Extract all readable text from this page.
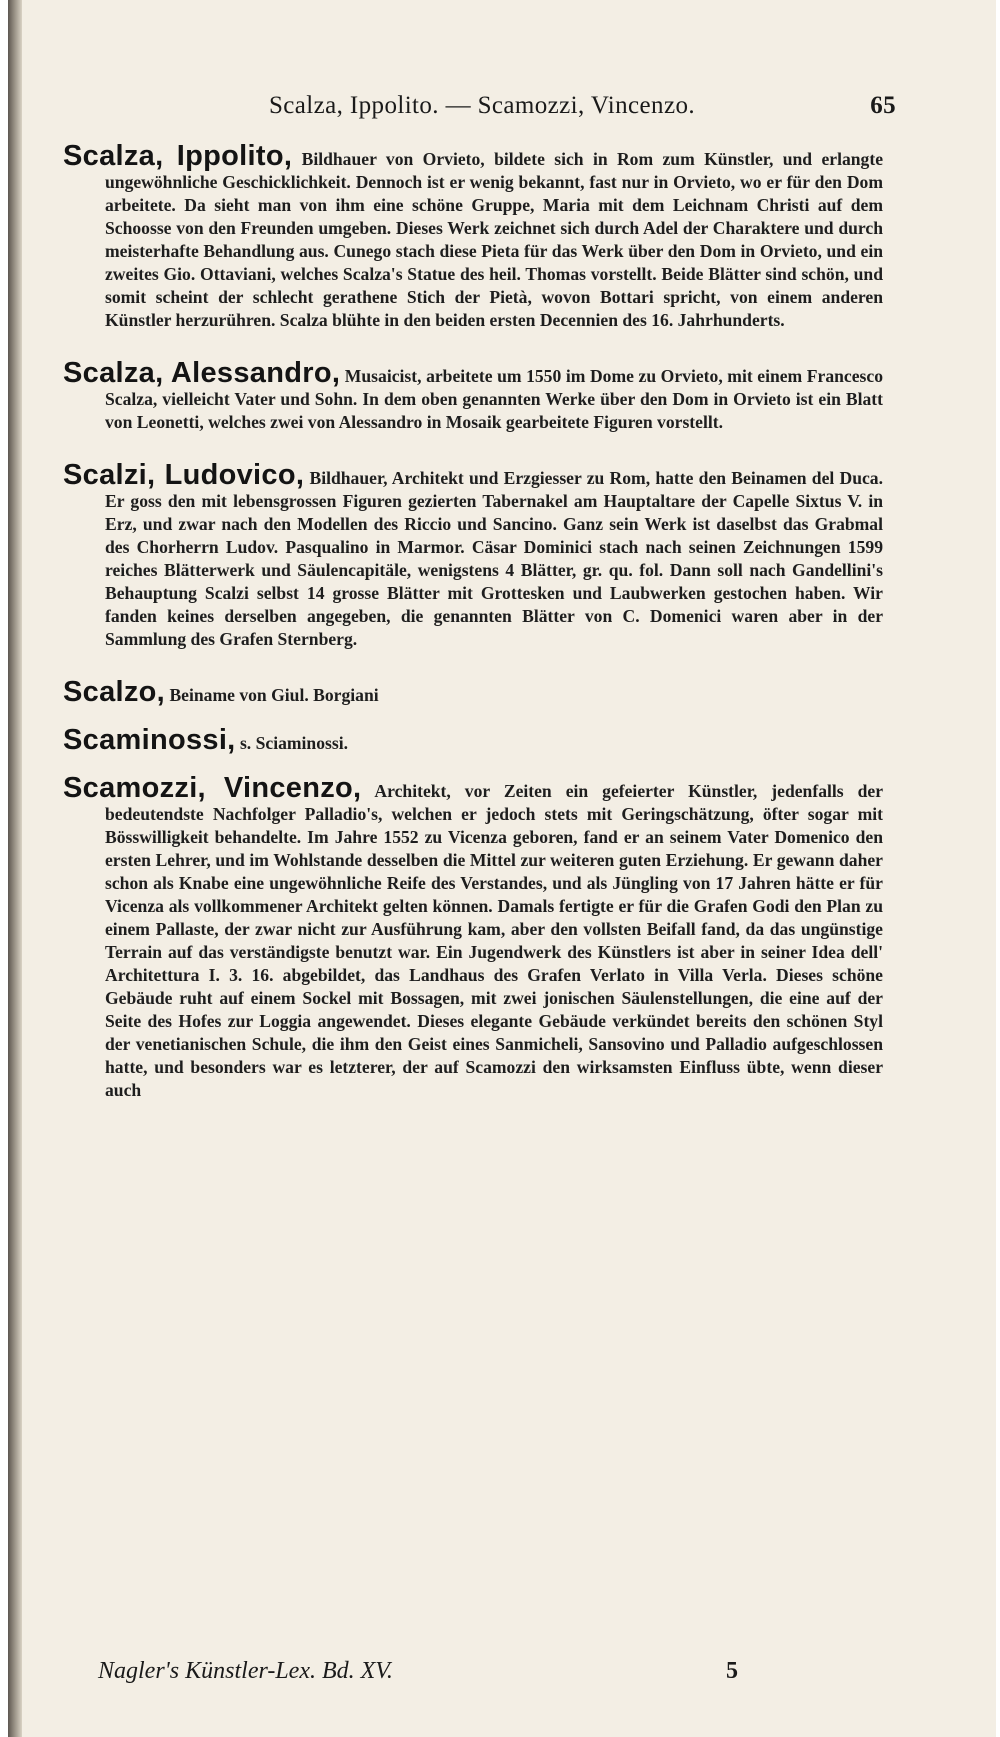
Scalza, Ippolito. — Scamozzi, Vincenzo.	65

Scalza, Ippolito, Bildhauer von Orvieto, bildete sich in Rom zum Künstler, und erlangte ungewöhnliche Geschicklichkeit. Dennoch ist er wenig bekannt, fast nur in Orvieto, wo er für den Dom arbeitete. Da sieht man von ihm eine schöne Gruppe, Maria mit dem Leichnam Christi auf dem Schoosse von den Freunden umgeben. Dieses Werk zeichnet sich durch Adel der Charaktere und durch meisterhafte Behandlung aus. Cunego stach diese Pieta für das Werk über den Dom in Orvieto, und ein zweites Gio. Ottaviani, welches Scalza's Statue des heil. Thomas vorstellt. Beide Blätter sind schön, und somit scheint der schlecht gerathene Stich der Pietà, wovon Bottari spricht, von einem anderen Künstler herzurühren. Scalza blühte in den beiden ersten Decennien des 16. Jahrhunderts.

Scalza, Alessandro, Musaicist, arbeitete um 1550 im Dome zu Orvieto, mit einem Francesco Scalza, vielleicht Vater und Sohn. In dem oben genannten Werke über den Dom in Orvieto ist ein Blatt von Leonetti, welches zwei von Alessandro in Mosaik gearbeitete Figuren vorstellt.

Scalzi, Ludovico, Bildhauer, Architekt und Erzgiesser zu Rom, hatte den Beinamen del Duca. Er goss den mit lebensgrossen Figuren gezierten Tabernakel am Hauptaltare der Capelle Sixtus V. in Erz, und zwar nach den Modellen des Riccio und Sancino. Ganz sein Werk ist daselbst das Grabmal des Chorherrn Ludov. Pasqualino in Marmor. Cäsar Dominici stach nach seinen Zeichnungen 1599 reiches Blätterwerk und Säulencapitäle, wenigstens 4 Blätter, gr. qu. fol. Dann soll nach Gandellini's Behauptung Scalzi selbst 14 grosse Blätter mit Grottesken und Laubwerken gestochen haben. Wir fanden keines derselben angegeben, die genannten Blätter von C. Domenici waren aber in der Sammlung des Grafen Sternberg.

Scalzo, Beiname von Giul. Borgiani

Scaminossi, s. Sciaminossi.

Scamozzi, Vincenzo, Architekt, vor Zeiten ein gefeierter Künstler, jedenfalls der bedeutendste Nachfolger Palladio's, welchen er jedoch stets mit Geringschätzung, öfter sogar mit Bösswilligkeit behandelte. Im Jahre 1552 zu Vicenza geboren, fand er an seinem Vater Domenico den ersten Lehrer, und im Wohlstande desselben die Mittel zur weiteren guten Erziehung. Er gewann daher schon als Knabe eine ungewöhnliche Reife des Verstandes, und als Jüngling von 17 Jahren hätte er für Vicenza als vollkommener Architekt gelten können. Damals fertigte er für die Grafen Godi den Plan zu einem Pallaste, der zwar nicht zur Ausführung kam, aber den vollsten Beifall fand, da das ungünstige Terrain auf das verständigste benutzt war. Ein Jugendwerk des Künstlers ist aber in seiner Idea dell' Architettura I. 3. 16. abgebildet, das Landhaus des Grafen Verlato in Villa Verla. Dieses schöne Gebäude ruht auf einem Sockel mit Bossagen, mit zwei jonischen Säulenstellungen, die eine auf der Seite des Hofes zur Loggia angewendet. Dieses elegante Gebäude verkündet bereits den schönen Styl der venetianischen Schule, die ihm den Geist eines Sanmicheli, Sansovino und Palladio aufgeschlossen hatte, und besonders war es letzterer, der auf Scamozzi den wirksamsten Einfluss übte, wenn dieser auch

Nagler's Künstler-Lex. Bd. XV.	5
